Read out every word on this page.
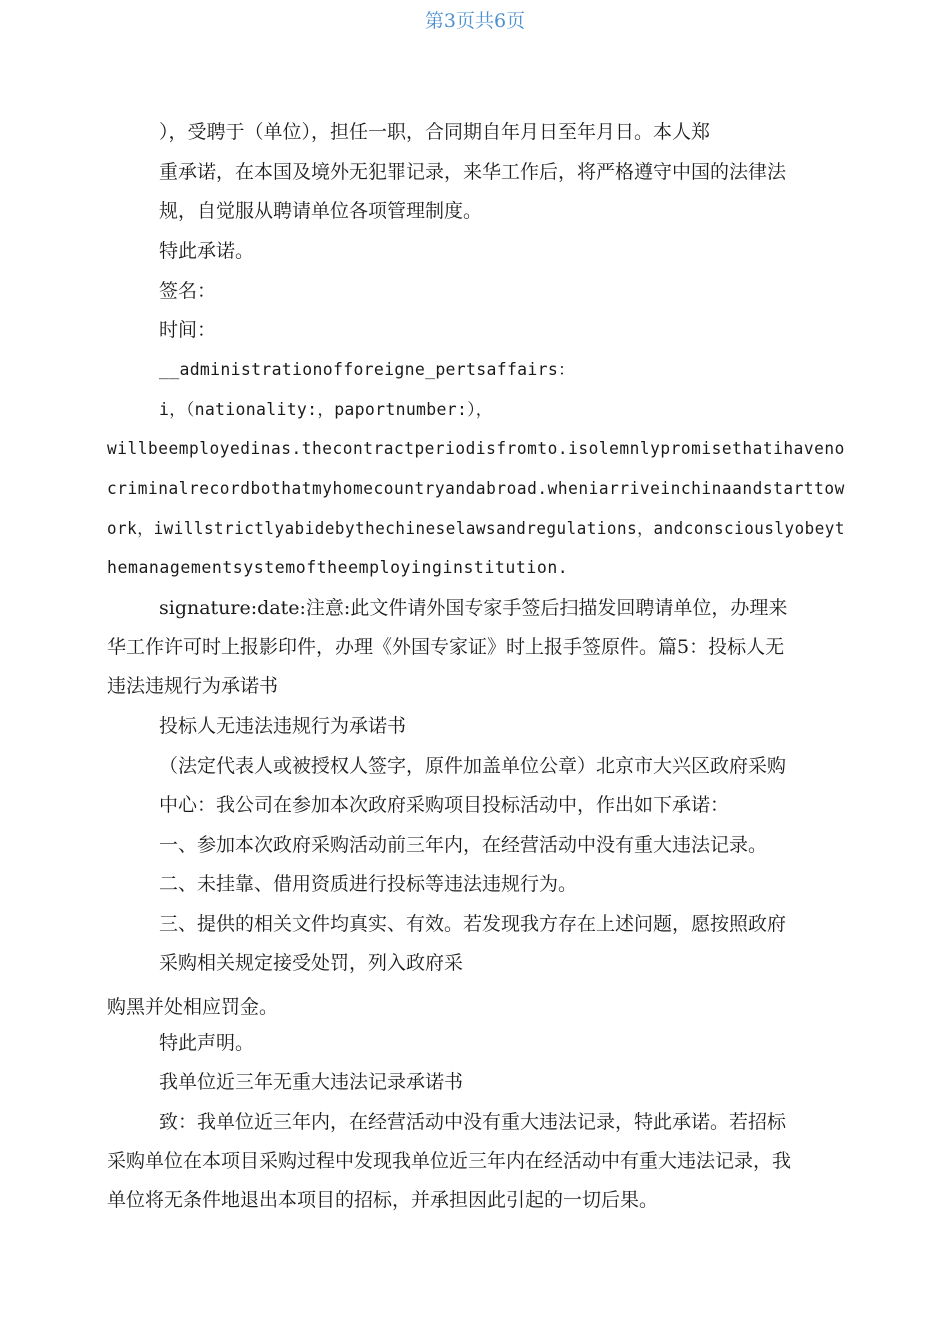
第3页共6页
），受聘于（单位），担任一职，合同期自年月日至年月日。本人郑
重承诺，在本国及境外无犯罪记录，来华工作后，将严格遵守中国的法律法
规，自觉服从聘请单位各项管理制度。
特此承诺。
签名：
时间：
__administrationofforeigne_pertsaffairs：
i，（nationality:，paportnumber:），
willbeemployedinas.thecontractperiodisfromto.isolemnlypromisethatihaveno
criminalrecordbothatmyhomecountryandabroad.wheniarriveinchinaandstarttow
ork，iwillstrictlyabidebythechineselawsandregulations，andconsciouslyobeyt
hemanagementsystemoftheemployinginstitution.
signature:date:注意:此文件请外国专家手签后扫描发回聘请单位，办理来
华工作许可时上报影印件，办理《外国专家证》时上报手签原件。篇5：投标人无
违法违规行为承诺书
投标人无违法违规行为承诺书
（法定代表人或被授权人签字，原件加盖单位公章）北京市大兴区政府采购
中心：我公司在参加本次政府采购项目投标活动中，作出如下承诺：
一、参加本次政府采购活动前三年内，在经营活动中没有重大违法记录。
二、未挂靠、借用资质进行投标等违法违规行为。
三、提供的相关文件均真实、有效。若发现我方存在上述问题，愿按照政府
采购相关规定接受处罚，列入政府采
购黑并处相应罚金。
特此声明。
我单位近三年无重大违法记录承诺书
致：我单位近三年内，在经营活动中没有重大违法记录，特此承诺。若招标
采购单位在本项目采购过程中发现我单位近三年内在经活动中有重大违法记录，我
单位将无条件地退出本项目的招标，并承担因此引起的一切后果。
